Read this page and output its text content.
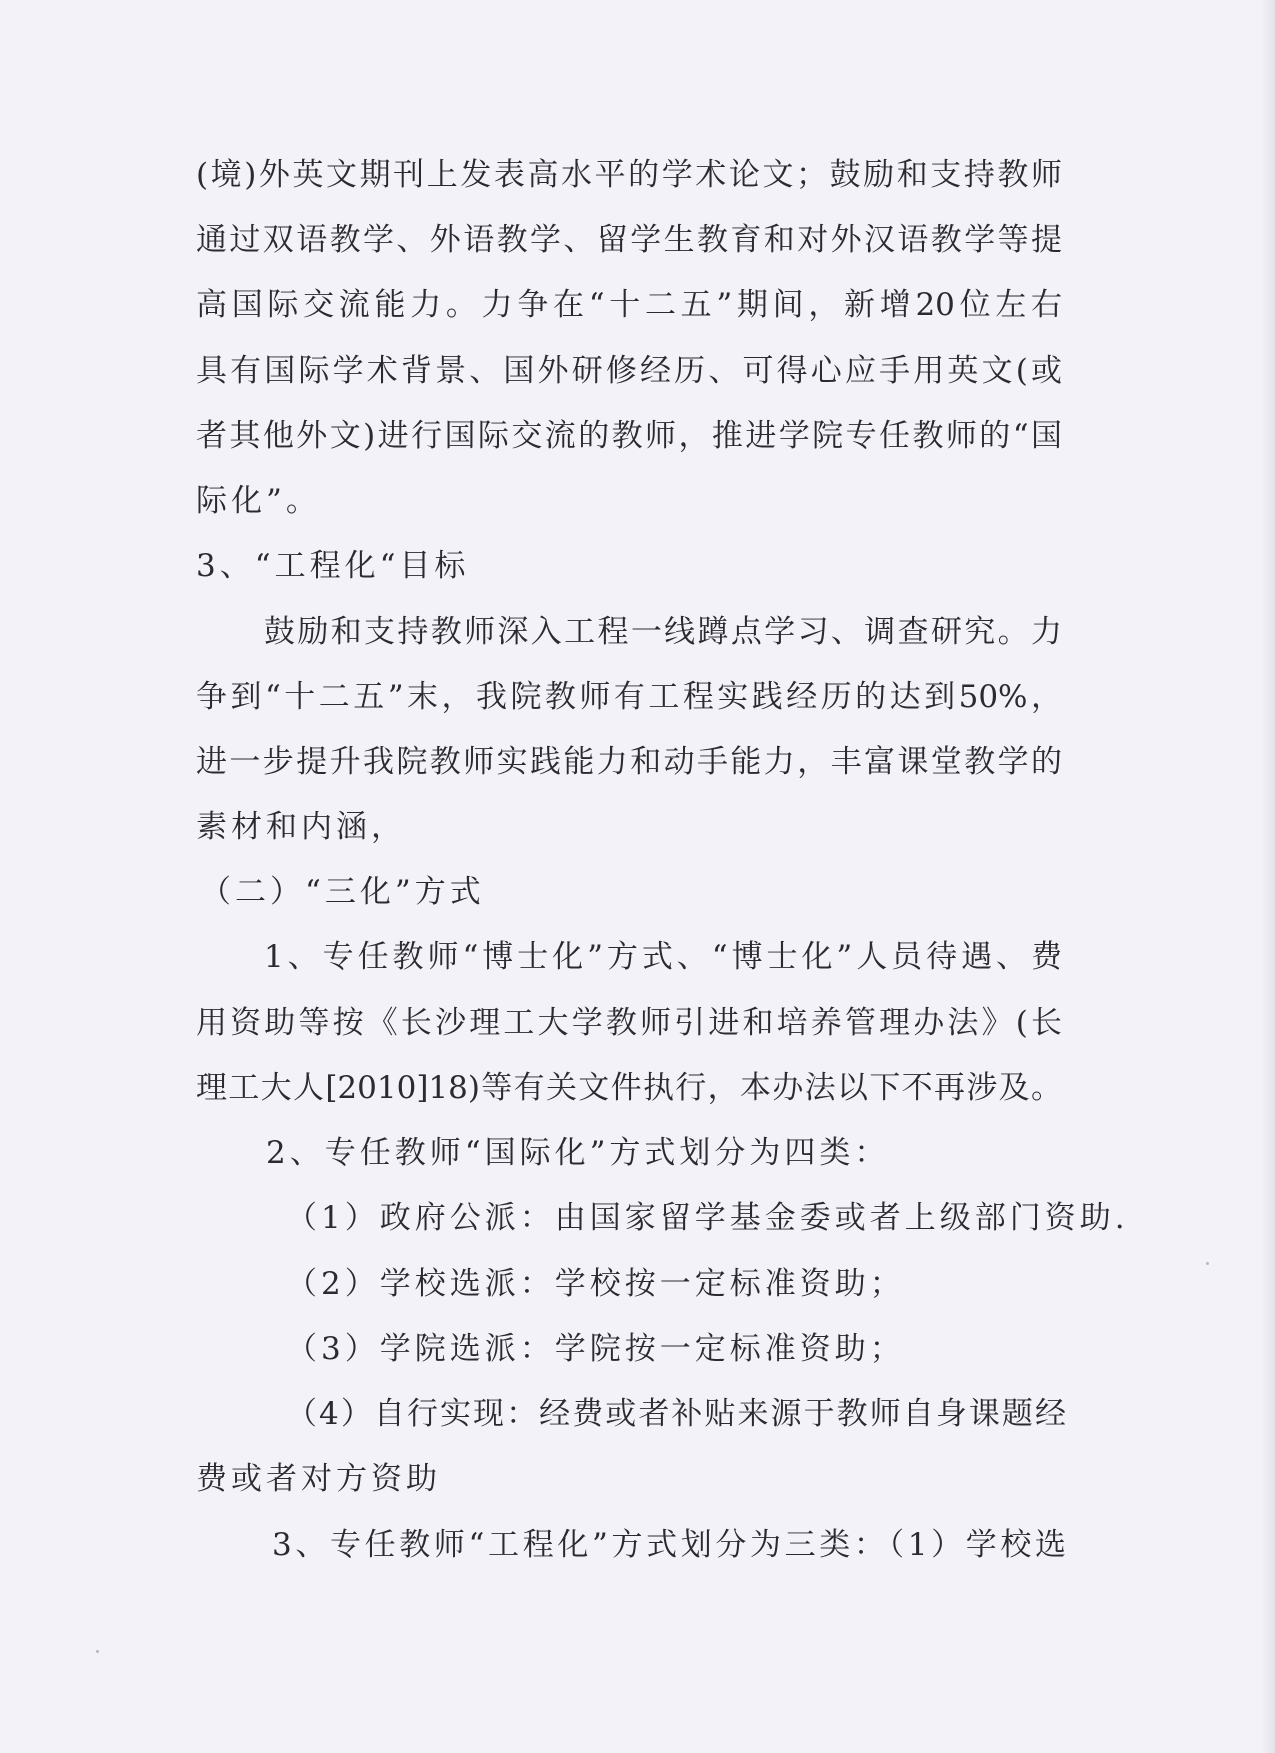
(境)外英文期刊上发表高水平的学术论文；鼓励和支持教师
通过双语教学、外语教学、留学生教育和对外汉语教学等提
高国际交流能力。力争在“十二五”期间，新增20位左右
具有国际学术背景、国外研修经历、可得心应手用英文(或
者其他外文)进行国际交流的教师，推进学院专任教师的“国
际化”。
3、“工程化“目标
鼓励和支持教师深入工程一线蹲点学习、调查研究。力
争到“十二五”末，我院教师有工程实践经历的达到50%，
进一步提升我院教师实践能力和动手能力，丰富课堂教学的
素材和内涵，
（二）“三化”方式
1、专任教师“博士化”方式、“博士化”人员待遇、费
用资助等按《长沙理工大学教师引进和培养管理办法》(长
理工大人[2010]18)等有关文件执行，本办法以下不再涉及。
2、专任教师“国际化”方式划分为四类：
（1）政府公派：由国家留学基金委或者上级部门资助.
（2）学校选派：学校按一定标准资助；
（3）学院选派：学院按一定标准资助；
（4）自行实现：经费或者补贴来源于教师自身课题经
费或者对方资助
3、专任教师“工程化”方式划分为三类：（1）学校选
